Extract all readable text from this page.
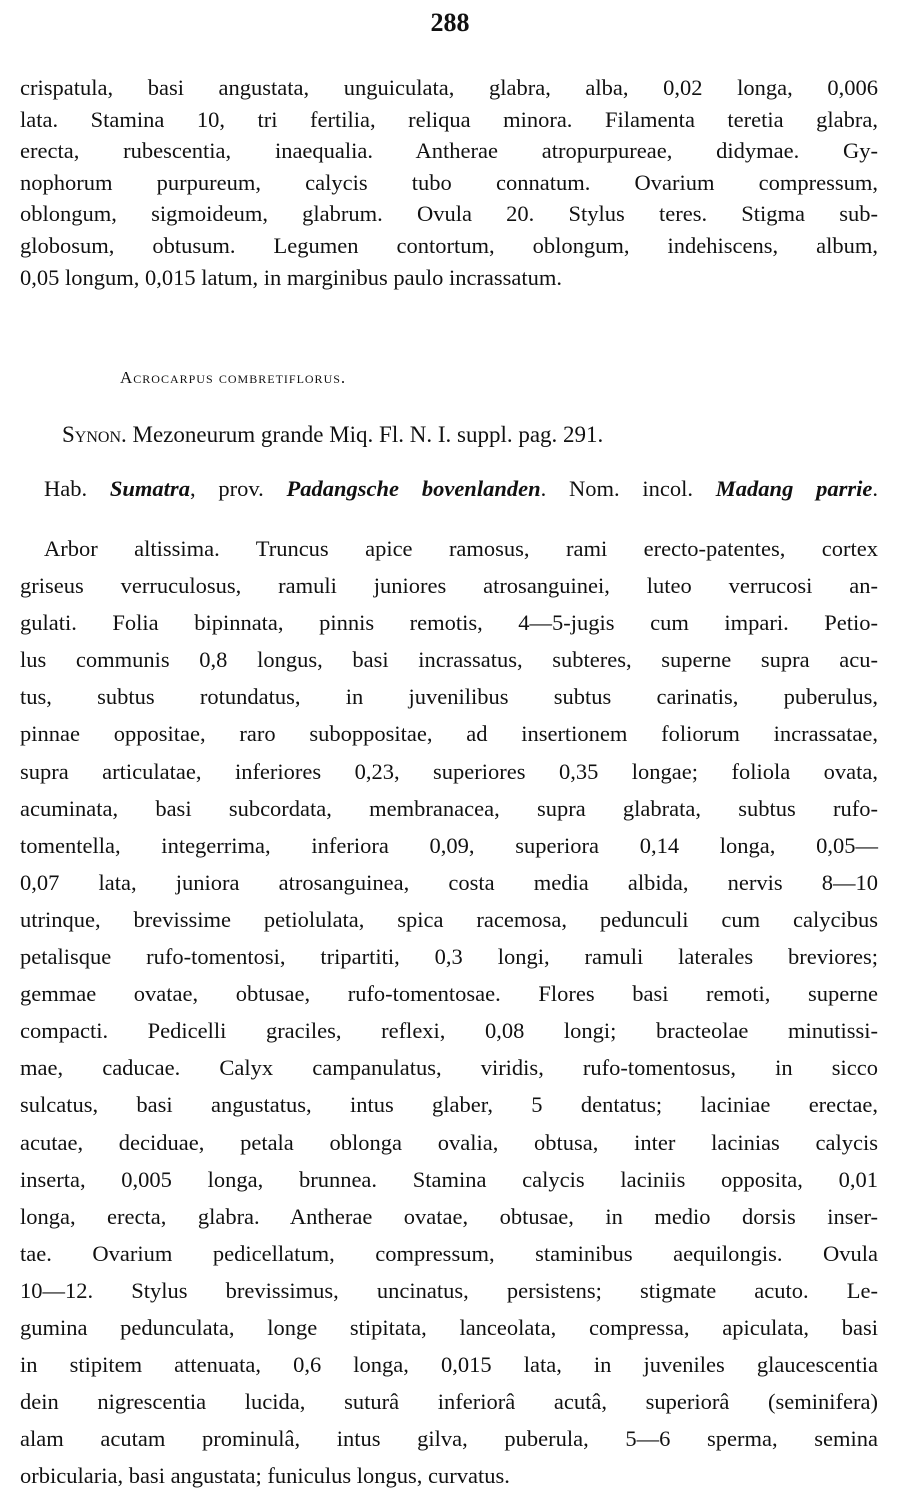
288
crispatula, basi angustata, unguiculata, glabra, alba, 0,02 longa, 0,006
lata. Stamina 10, tri fertilia, reliqua minora. Filamenta teretia glabra,
erecta, rubescentia, inaequalia. Antherae atropurpureae, didymae. Gy-
nophorum purpureum, calycis tubo connatum. Ovarium compressum,
oblongum, sigmoideum, glabrum. Ovula 20. Stylus teres. Stigma sub-
globosum, obtusum. Legumen contortum, oblongum, indehiscens, album,
0,05 longum, 0,015 latum, in marginibus paulo incrassatum.
Acrocarpus combretiflorus.
Synon. Mezoneurum grande Miq. Fl. N. I. suppl. pag. 291.
Hab. Sumatra, prov. Padangsche bovenlanden. Nom. incol. Madang parrie.
Arbor altissima. Truncus apice ramosus, rami erecto-patentes, cortex
griseus verruculosus, ramuli juniores atrosanguinei, luteo verrucosi an-
gulati. Folia bipinnata, pinnis remotis, 4—5-jugis cum impari. Petio-
lus communis 0,8 longus, basi incrassatus, subteres, superne supra acu-
tus, subtus rotundatus, in juvenilibus subtus carinatis, puberulus,
pinnae oppositae, raro suboppositae, ad insertionem foliorum incrassatae,
supra articulatae, inferiores 0,23, superiores 0,35 longae; foliola ovata,
acuminata, basi subcordata, membranacea, supra glabrata, subtus rufo-
tomentella, integerrima, inferiora 0,09, superiora 0,14 longa, 0,05—
0,07 lata, juniora atrosanguinea, costa media albida, nervis 8—10
utrinque, brevissime petiolulata, spica racemosa, pedunculi cum calycibus
petalisque rufo-tomentosi, tripartiti, 0,3 longi, ramuli laterales breviores;
gemmae ovatae, obtusae, rufo-tomentosae. Flores basi remoti, superne
compacti. Pedicelli graciles, reflexi, 0,08 longi; bracteolae minutissi-
mae, caducae. Calyx campanulatus, viridis, rufo-tomentosus, in sicco
sulcatus, basi angustatus, intus glaber, 5 dentatus; laciniae erectae,
acutae, deciduae, petala oblonga ovalia, obtusa, inter lacinias calycis
inserta, 0,005 longa, brunnea. Stamina calycis laciniis opposita, 0,01
longa, erecta, glabra. Antherae ovatae, obtusae, in medio dorsis inser-
tae. Ovarium pedicellatum, compressum, staminibus aequilongis. Ovula
10—12. Stylus brevissimus, uncinatus, persistens; stigmate acuto. Le-
gumina pedunculata, longe stipitata, lanceolata, compressa, apiculata, basi
in stipitem attenuata, 0,6 longa, 0,015 lata, in juveniles glaucescentia
dein nigrescentia lucida, suturâ inferiorâ acutâ, superiorâ (seminifera)
alam acutam prominulâ, intus gilva, puberula, 5—6 sperma, semina
orbicularia, basi angustata; funiculus longus, curvatus.
